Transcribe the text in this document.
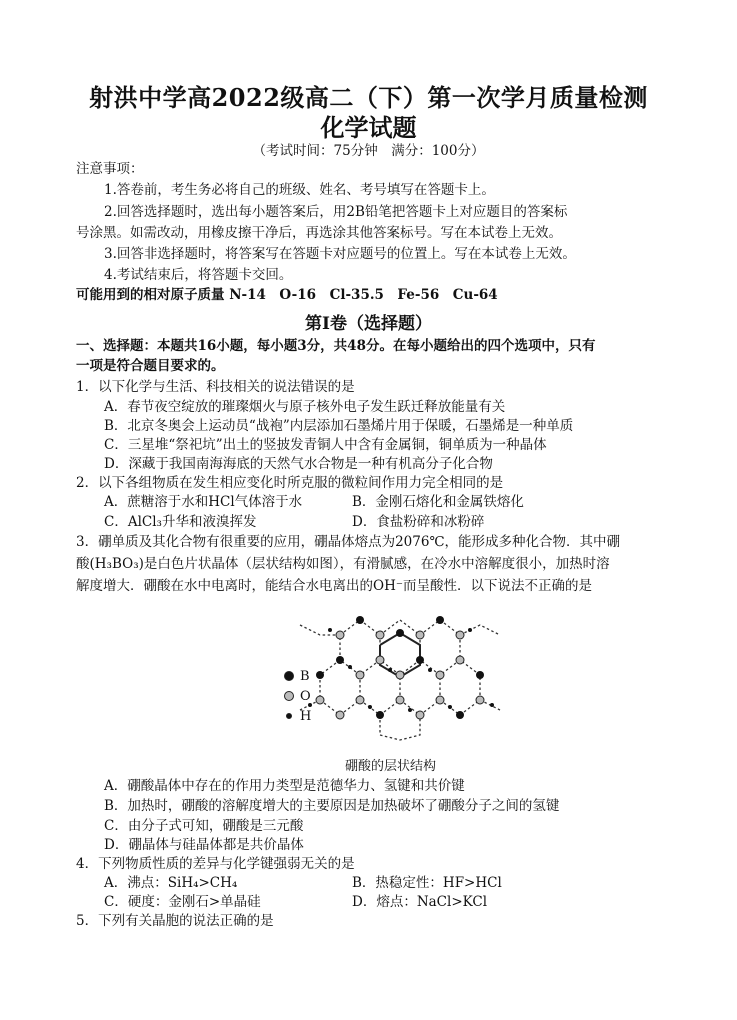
射洪中学高2022级高二（下）第一次学月质量检测
化学试题
（考试时间：75分钟　满分：100分）
注意事项：
1.答卷前，考生务必将自己的班级、姓名、考号填写在答题卡上。
2.回答选择题时，选出每小题答案后，用2B铅笔把答题卡上对应题目的答案标
号涂黑。如需改动，用橡皮擦干净后，再选涂其他答案标号。写在本试卷上无效。
3.回答非选择题时，将答案写在答题卡对应题号的位置上。写在本试卷上无效。
4.考试结束后，将答题卡交回。
可能用到的相对原子质量 N-14　O-16　Cl-35.5　Fe-56　Cu-64
第Ⅰ卷（选择题）
一、选择题：本题共16小题，每小题3分，共48分。在每小题给出的四个选项中，只有
一项是符合题目要求的。
1．以下化学与生活、科技相关的说法错误的是
A．春节夜空绽放的璀璨烟火与原子核外电子发生跃迁释放能量有关
B．北京冬奥会上运动员“战袍”内层添加石墨烯片用于保暖，石墨烯是一种单质
C．三星堆“祭祀坑”出土的竖披发青铜人中含有金属铜，铜单质为一种晶体
D．深藏于我国南海海底的天然气水合物是一种有机高分子化合物
2．以下各组物质在发生相应变化时所克服的微粒间作用力完全相同的是
A．蔗糖溶于水和HCl气体溶于水	B．金刚石熔化和金属铁熔化
C．AlCl₃升华和液溴挥发	D．食盐粉碎和冰粉碎
3．硼单质及其化合物有很重要的应用，硼晶体熔点为2076℃，能形成多种化合物．其中硼
酸(H₃BO₃)是白色片状晶体（层状结构如图），有滑腻感，在冷水中溶解度很小，加热时溶
解度增大．硼酸在水中电离时，能结合水电离出的OH⁻而呈酸性．以下说法不正确的是
B
O
H
硼酸的层状结构
A．硼酸晶体中存在的作用力类型是范德华力、氢键和共价键
B．加热时，硼酸的溶解度增大的主要原因是加热破坏了硼酸分子之间的氢键
C．由分子式可知，硼酸是三元酸
D．硼晶体与硅晶体都是共价晶体
4．下列物质性质的差异与化学键强弱无关的是
A．沸点：SiH₄>CH₄	B．热稳定性：HF>HCl
C．硬度：金刚石>单晶硅	D．熔点：NaCl>KCl
5．下列有关晶胞的说法正确的是
